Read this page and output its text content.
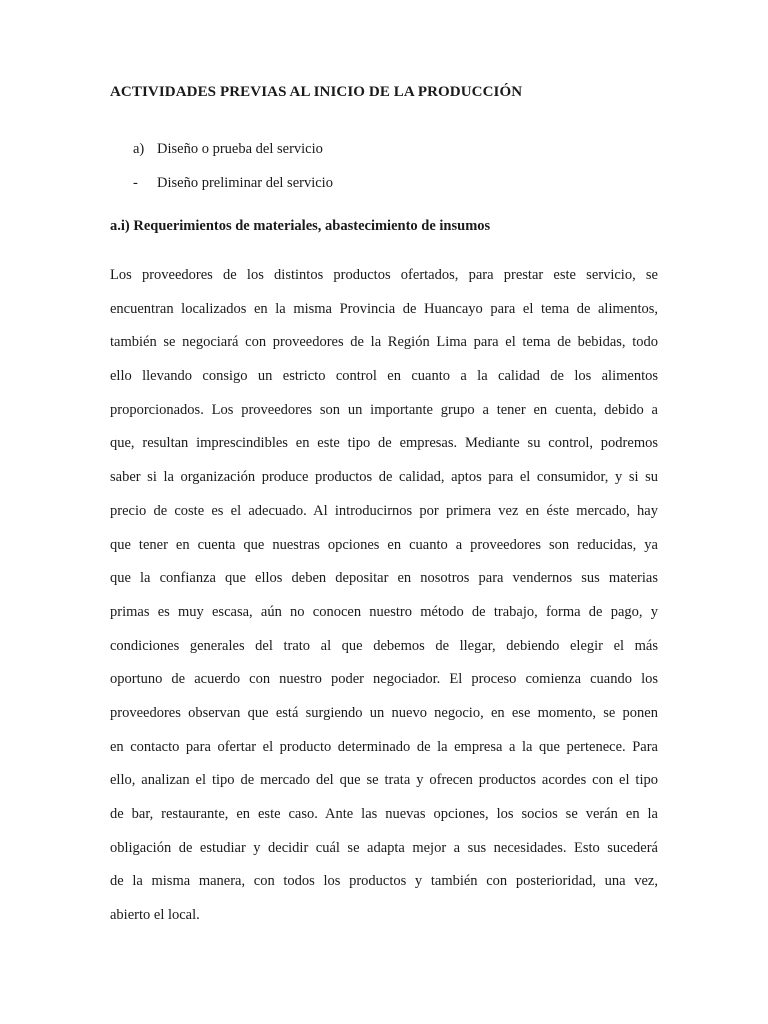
ACTIVIDADES PREVIAS AL INICIO DE LA PRODUCCIÓN
a) Diseño o prueba del servicio
- Diseño preliminar del servicio
a.i) Requerimientos de materiales, abastecimiento de insumos
Los proveedores de los distintos productos ofertados, para prestar este servicio, se
encuentran localizados en la misma Provincia de Huancayo para el tema de alimentos,
también se negociará con proveedores de la Región Lima para el tema de bebidas, todo
ello llevando consigo un estricto control en cuanto a la calidad de los alimentos
proporcionados. Los proveedores son un importante grupo a tener en cuenta, debido a
que, resultan imprescindibles en este tipo de empresas. Mediante su control, podremos
saber si la organización produce productos de calidad, aptos para el consumidor, y si su
precio de coste es el adecuado. Al introducirnos por primera vez en éste mercado, hay
que tener en cuenta que nuestras opciones en cuanto a proveedores son reducidas, ya
que la confianza que ellos deben depositar en nosotros para vendernos sus materias
primas es muy escasa, aún no conocen nuestro método de trabajo, forma de pago, y
condiciones generales del trato al que debemos de llegar, debiendo elegir el más
oportuno de acuerdo con nuestro poder negociador. El proceso comienza cuando los
proveedores observan que está surgiendo un nuevo negocio, en ese momento, se ponen
en contacto para ofertar el producto determinado de la empresa a la que pertenece. Para
ello, analizan el tipo de mercado del que se trata y ofrecen productos acordes con el tipo
de bar, restaurante, en este caso. Ante las nuevas opciones, los socios se verán en la
obligación de estudiar y decidir cuál se adapta mejor a sus necesidades. Esto sucederá
de la misma manera, con todos los productos y también con posterioridad, una vez,
abierto el local.
